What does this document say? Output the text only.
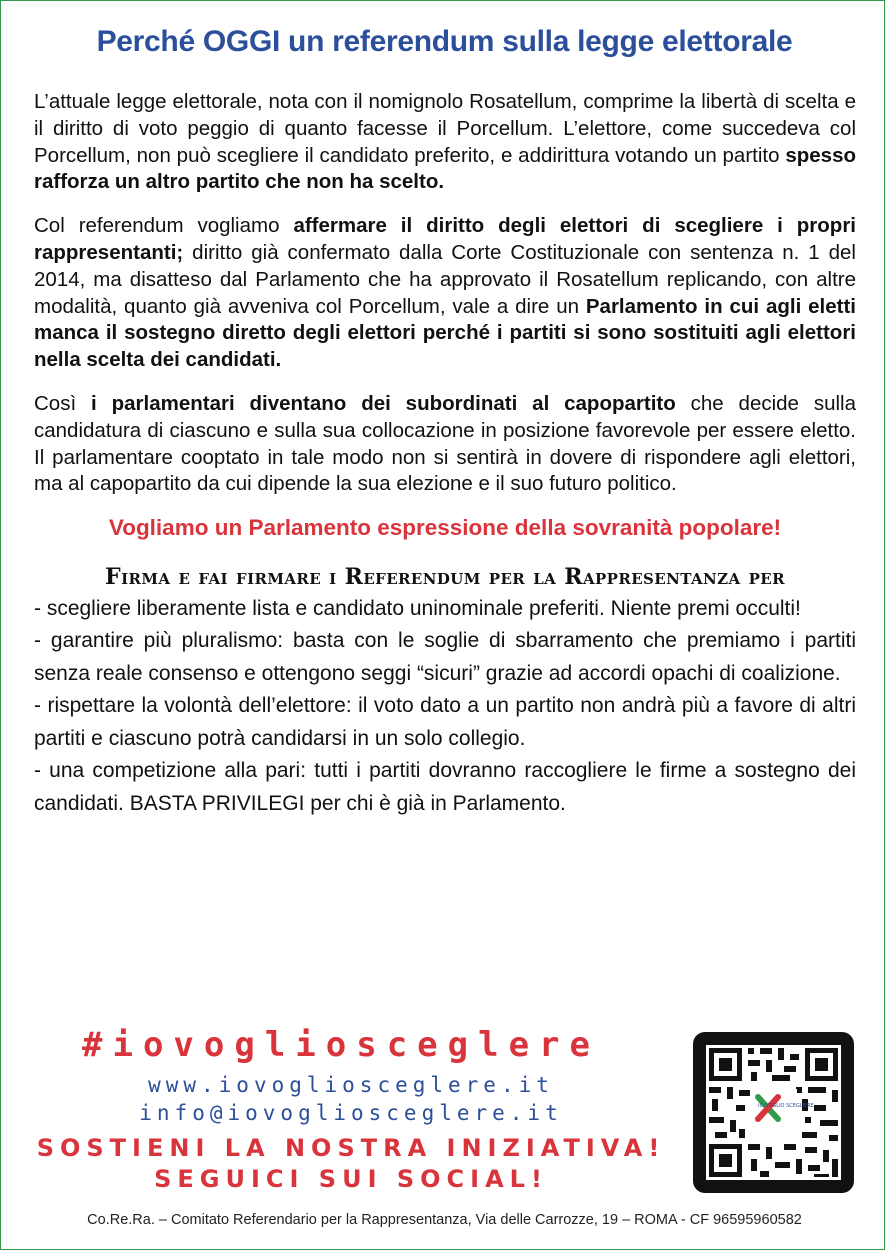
Perché OGGI un referendum sulla legge elettorale

L’attuale legge elettorale, nota con il nomignolo Rosatellum, comprime la libertà di scelta e il diritto di voto peggio di quanto facesse il Porcellum. L’elettore, come succedeva col Porcellum, non può scegliere il candidato preferito, e addirittura votando un partito spesso rafforza un altro partito che non ha scelto.

Col referendum vogliamo affermare il diritto degli elettori di scegliere i propri rappresentanti; diritto già confermato dalla Corte Costituzionale con sentenza n. 1 del 2014, ma disatteso dal Parlamento che ha approvato il Rosatellum replicando, con altre modalità, quanto già avveniva col Porcellum, vale a dire un Parlamento in cui agli eletti manca il sostegno diretto degli elettori perché i partiti si sono sostituiti agli elettori nella scelta dei candidati.

Così i parlamentari diventano dei subordinati al capopartito che decide sulla candidatura di ciascuno e sulla sua collocazione in posizione favorevole per essere eletto. Il parlamentare cooptato in tale modo non si sentirà in dovere di rispondere agli elettori, ma al capopartito da cui dipende la sua elezione e il suo futuro politico.

Vogliamo un Parlamento espressione della sovranità popolare!
Firma e fai firmare i Referendum per la Rappresentanza per
- scegliere liberamente lista e candidato uninominale preferiti. Niente premi occulti!
- garantire più pluralismo: basta con le soglie di sbarramento che premiamo i partiti senza reale consenso e ottengono seggi “sicuri” grazie ad accordi opachi di coalizione.
- rispettare la volontà dell’elettore: il voto dato a un partito non andrà più a favore di altri partiti e ciascuno potrà candidarsi in un solo collegio.
- una competizione alla pari: tutti i partiti dovranno raccogliere le firme a sostegno dei candidati. BASTA PRIVILEGI per chi è già in Parlamento.
#iovogliosceglere
www.iovogliosceglere.it
info@iovogliosceglere.it
SOSTIENI LA NOSTRA INIZIATIVA!
SEGUICI SUI SOCIAL!
IO VOGLIO SCEGLIERE
Co.Re.Ra. – Comitato Referendario per la Rappresentanza, Via delle Carrozze, 19 – ROMA - CF 96595960582
